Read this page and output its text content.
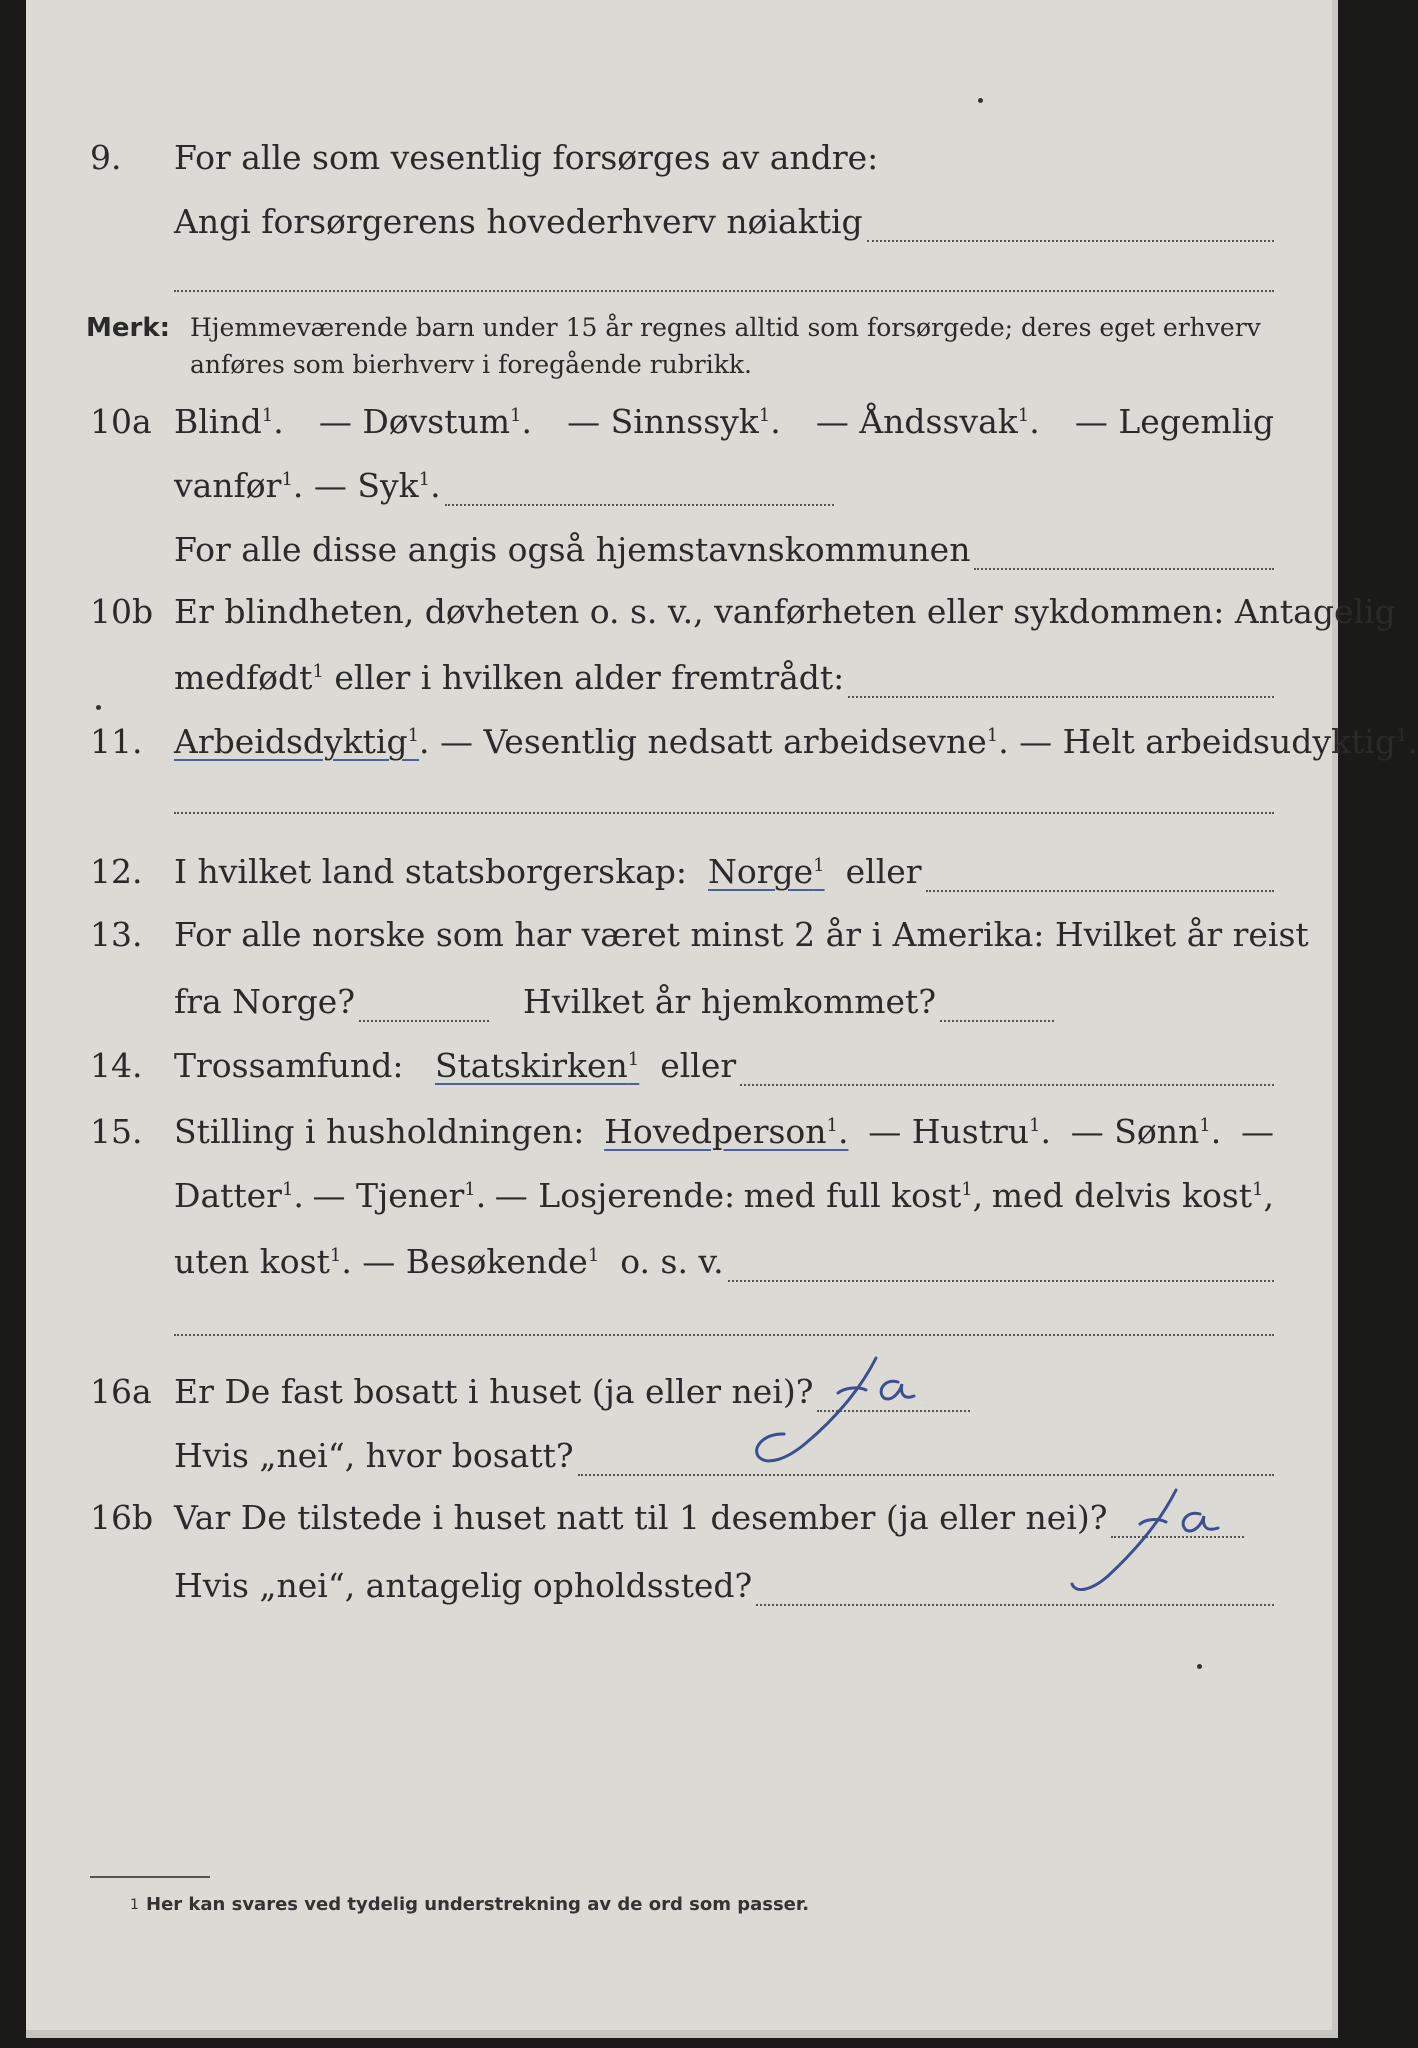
9. For alle som vesentlig forsørges av andre:
Angi forsørgerens hovederhverv nøiaktig
Merk: Hjemmeværende barn under 15 år regnes alltid som forsørgede; deres eget erhverv
anføres som bierhverv i foregående rubrikk.
10a Blind$^1$. — Døvstum$^1$. — Sinnssyk$^1$. — Åndssvak$^1$. — Legemlig
vanfør$^1$. — Syk$^1$.
For alle disse angis også hjemstavnskommunen
10b Er blindheten, døvheten o. s. v., vanførheten eller sykdommen: Antagelig
medfødt$^1$ eller i hvilken alder fremtrådt:
11. Arbeidsdyktig$^1$. — Vesentlig nedsatt arbeidsevne$^1$. — Helt arbeidsudyktig$^1$.
12. I hvilket land statsborgerskap:
Norge$^1$
eller
13. For alle norske som har været minst 2 år i Amerika: Hvilket år reist
fra Norge?	Hvilket år hjemkommet?
14. Trossamfund:
Statskirken$^1$
eller
15. Stilling i husholdningen: Hovedperson$^1$. — Hustru$^1$. — Sønn$^1$. —
Datter$^1$. — Tjener$^1$. — Losjerende: med full kost$^1$, med delvis kost$^1$,
uten kost$^1$. — Besøkende$^1$ o. s. v.
16a Er De fast bosatt i huset (ja eller nei)?
Hvis „nei“, hvor bosatt?
16b Var De tilstede i huset natt til 1 desember (ja eller nei)?
Hvis „nei“, antagelig opholdssted?
ja
1 Her kan svares ved tydelig understrekning av de ord som passer.
